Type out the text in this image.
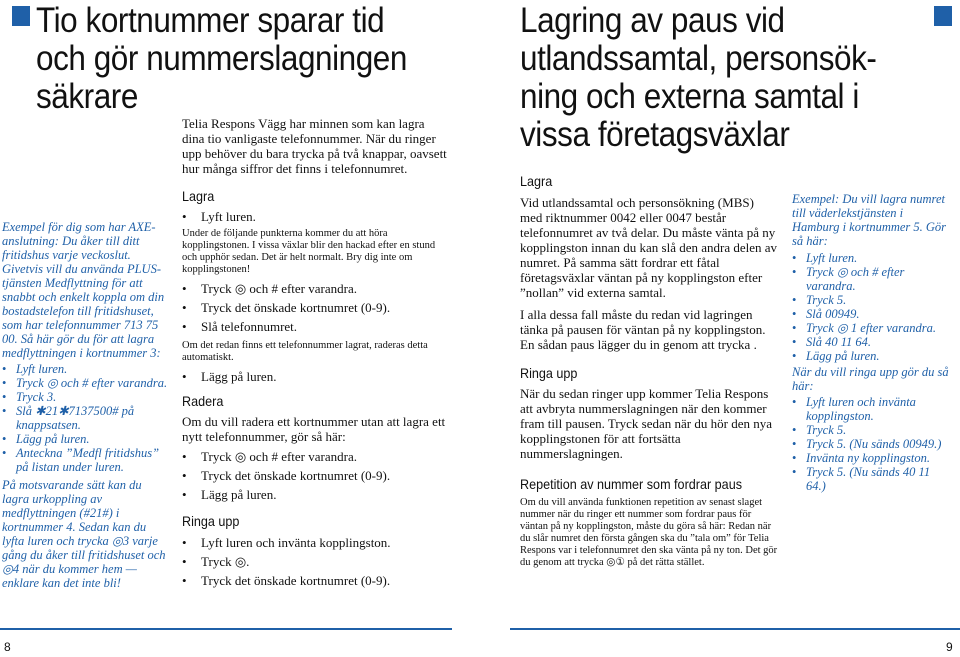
Tio kortnummer sparar tid
och gör nummerslagningen
säkrare

Exempel för dig som har AXE-anslutning: Du åker till ditt fritidshus varje veckoslut. Givetvis vill du använda PLUS-tjänsten Medflyttning för att snabbt och enkelt koppla om din bostadstelefon till fritidshuset, som har telefonnummer 713 75 00. Så här gör du för att lagra medflyttningen i kortnummer 3:

• Lyft luren.
• Tryck ◎ och # efter varandra.
• Tryck 3.
• Slå ✱21✱7137500# på knappsatsen.
• Lägg på luren.
• Anteckna ”Medfl fritidshus” på listan under luren.

På motsvarande sätt kan du lagra urkoppling av medflyttningen (#21#) i kortnummer 4. Sedan kan du lyfta luren och trycka ◎3 varje gång du åker till fritidshuset och ◎4 när du kommer hem — enklare kan det inte bli!

Telia Respons Vägg har minnen som kan lagra dina tio vanligaste telefonnummer. När du ringer upp behöver du bara trycka på två knappar, oavsett hur många siffror det finns i telefonnumret.

Lagra
• Lyft luren.

Under de följande punkterna kommer du att höra kopplingstonen. I vissa växlar blir den hackad efter en stund och upphör sedan. Det är helt normalt. Bry dig inte om kopplingstonen!

• Tryck ◎ och # efter varandra.
• Tryck det önskade kortnumret (0-9).
• Slå telefonnumret.

Om det redan finns ett telefonnummer lagrat, raderas detta automatiskt.

• Lägg på luren.
Radera

Om du vill radera ett kortnummer utan att lagra ett nytt telefonnummer, gör så här:

• Tryck ◎ och # efter varandra.
• Tryck det önskade kortnumret (0-9).
• Lägg på luren.
Ringa upp
• Lyft luren och invänta kopplingston.
• Tryck ◎.
• Tryck det önskade kortnumret (0-9).
8
Lagring av paus vid
utlandssamtal, personsök-
ning och externa samtal i
vissa företagsväxlar
Lagra

Vid utlandssamtal och personsökning (MBS) med riktnummer 0042 eller 0047 består telefonnumret av två delar. Du måste vänta på ny kopplingston innan du kan slå den andra delen av numret. På samma sätt fordrar ett fåtal företagsväxlar väntan på ny kopplingston efter ”nollan” vid externa samtal.

I alla dessa fall måste du redan vid lagringen tänka på pausen för väntan på ny kopplingston. En sådan paus lägger du in genom att trycka .

Ringa upp

När du sedan ringer upp kommer Telia Respons att avbryta nummerslagningen när den kommer fram till pausen. Tryck sedan när du hör den nya kopplingstonen för att fortsätta nummerslagningen.

Repetition av nummer som fordrar paus

Om du vill använda funktionen repetition av senast slaget nummer när du ringer ett nummer som fordrar paus för väntan på ny kopplingston, måste du göra så här: Redan när du slår numret den första gången ska du ”tala om” för Telia Respons var i telefonnumret den ska vänta på ny ton. Det gör du genom att trycka ◎① på det rätta stället.

Exempel: Du vill lagra numret till väderlekstjänsten i Hamburg i kortnummer 5. Gör så här:

• Lyft luren.
• Tryck ◎ och # efter varandra.
• Tryck 5.
• Slå 00949.
• Tryck ◎ 1 efter varandra.
• Slå 40 11 64.
• Lägg på luren.

När du vill ringa upp gör du så här:

• Lyft luren och invänta kopplingston.
• Tryck 5.
• Tryck 5. (Nu sänds 00949.)
• Invänta ny kopplingston.
• Tryck 5. (Nu sänds 40 11 64.)
9
